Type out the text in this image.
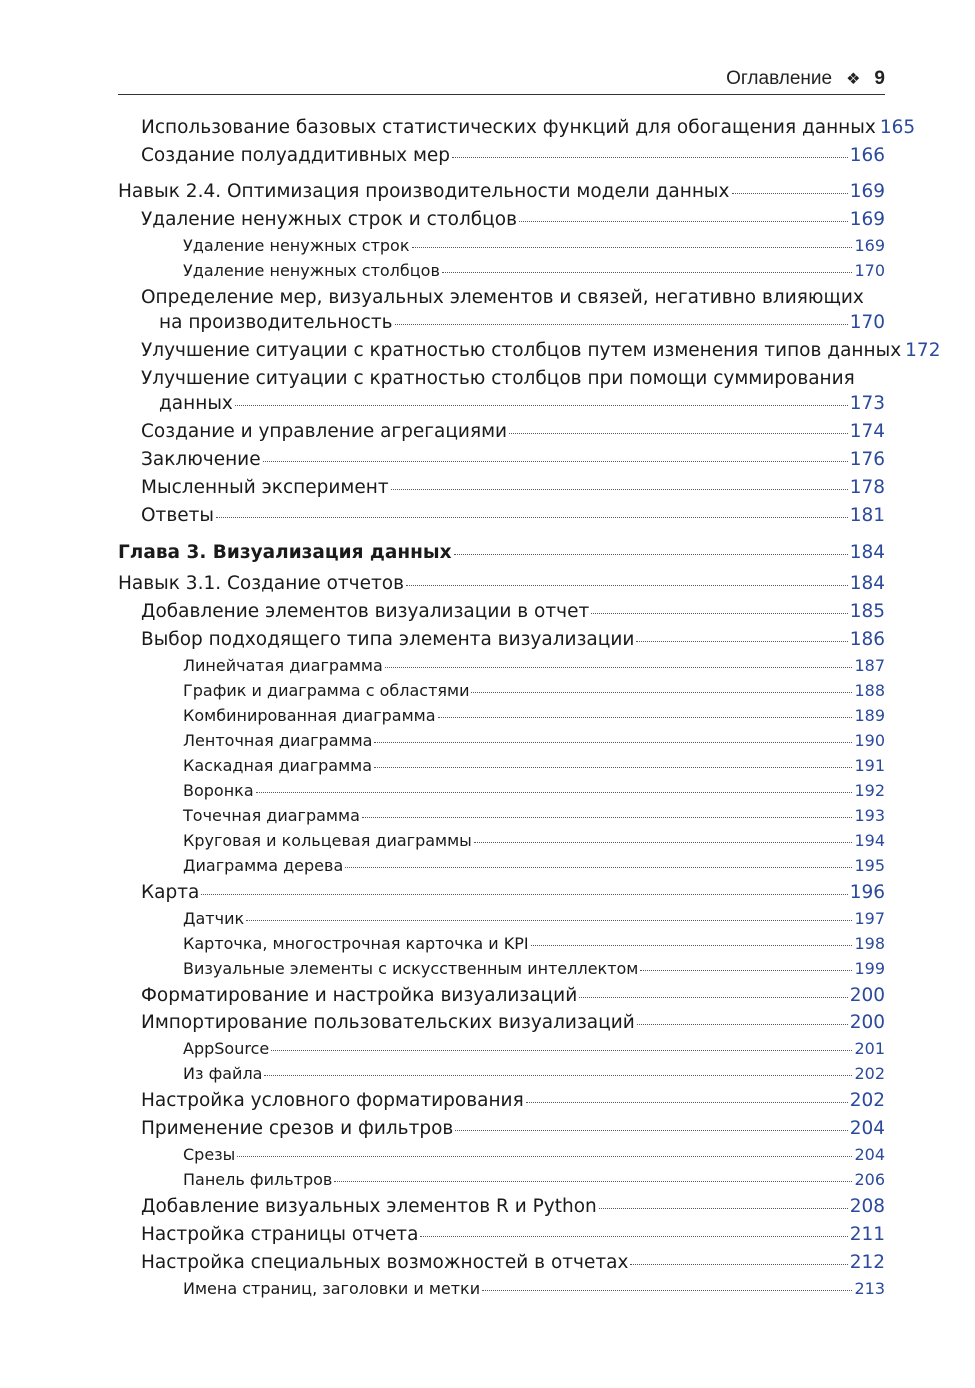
Оглавление ❖ 9
Использование базовых статистических функций для обогащения данных 165
Создание полуаддитивных мер	166
Навык 2.4. Оптимизация производительности модели данных	169
Удаление ненужных строк и столбцов	169
Удаление ненужных строк	169
Удаление ненужных столбцов	170
Определение мер, визуальных элементов и связей, негативно влияющих
на производительность	170
Улучшение ситуации с кратностью столбцов путем изменения типов данных 172
Улучшение ситуации с кратностью столбцов при помощи суммирования
данных	173
Создание и управление агрегациями	174
Заключение	176
Мысленный эксперимент	178
Ответы	181
Глава 3. Визуализация данных	184
Навык 3.1. Создание отчетов	184
Добавление элементов визуализации в отчет	185
Выбор подходящего типа элемента визуализации	186
Линейчатая диаграмма	187
График и диаграмма с областями	188
Комбинированная диаграмма	189
Ленточная диаграмма	190
Каскадная диаграмма	191
Воронка	192
Точечная диаграмма	193
Круговая и кольцевая диаграммы	194
Диаграмма дерева	195
Карта	196
Датчик	197
Карточка, многострочная карточка и KPI	198
Визуальные элементы с искусственным интеллектом	199
Форматирование и настройка визуализаций	200
Импортирование пользовательских визуализаций	200
AppSource	201
Из файла	202
Настройка условного форматирования	202
Применение срезов и фильтров	204
Срезы	204
Панель фильтров	206
Добавление визуальных элементов R и Python	208
Настройка страницы отчета	211
Настройка специальных возможностей в отчетах	212
Имена страниц, заголовки и метки	213
